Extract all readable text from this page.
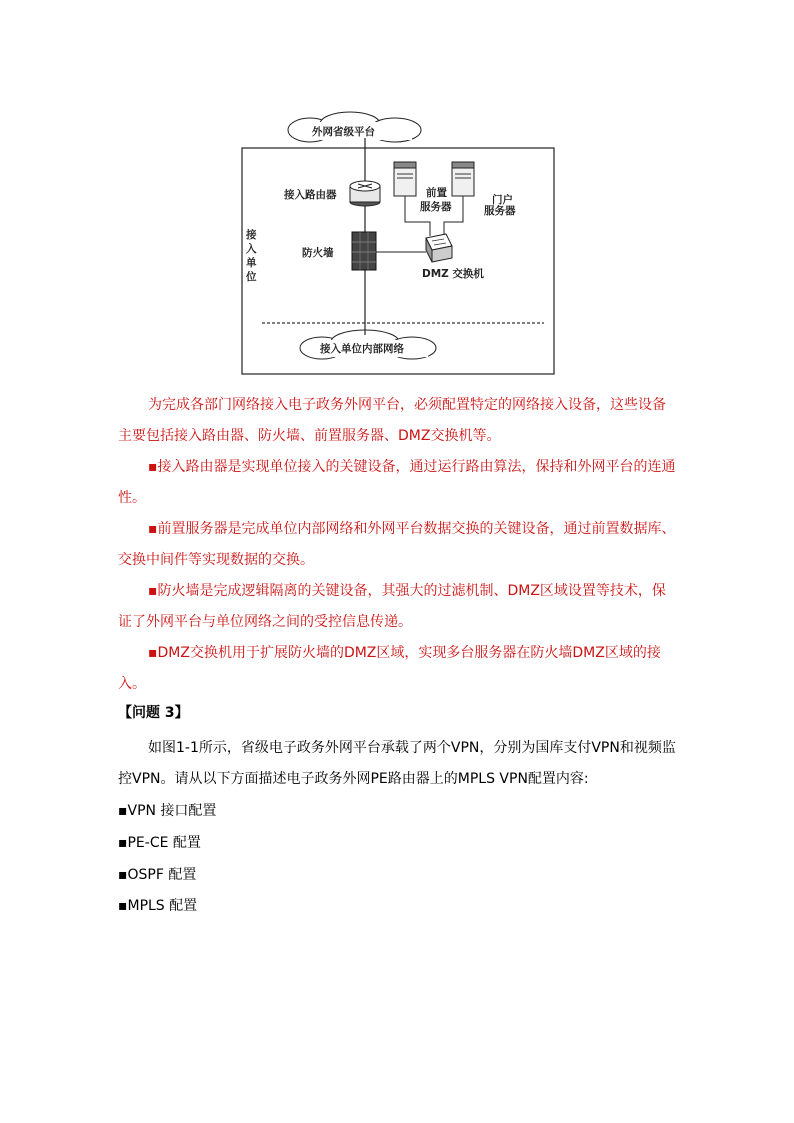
外网省级平台
接入单位内部网络
接
入
单
位
接入路由器
防火墙
前置
服务器
门户
服务器
DMZ 交换机

为完成各部门网络接入电子政务外网平台，必须配置特定的网络接入设备，这些设备主要包括接入路由器、防火墙、前置服务器、DMZ交换机等。

▪接入路由器是实现单位接入的关键设备，通过运行路由算法，保持和外网平台的连通性。

▪前置服务器是完成单位内部网络和外网平台数据交换的关键设备，通过前置数据库、交换中间件等实现数据的交换。

▪防火墙是完成逻辑隔离的关键设备，其强大的过滤机制、DMZ区域设置等技术，保证了外网平台与单位网络之间的受控信息传递。

▪DMZ交换机用于扩展防火墙的DMZ区域，实现多台服务器在防火墙DMZ区域的接入。

【问题 3】

如图1-1所示，省级电子政务外网平台承载了两个VPN，分别为国库支付VPN和视频监控VPN。请从以下方面描述电子政务外网PE路由器上的MPLS VPN配置内容:

▪VPN 接口配置

▪PE-CE 配置

▪OSPF 配置

▪MPLS 配置
